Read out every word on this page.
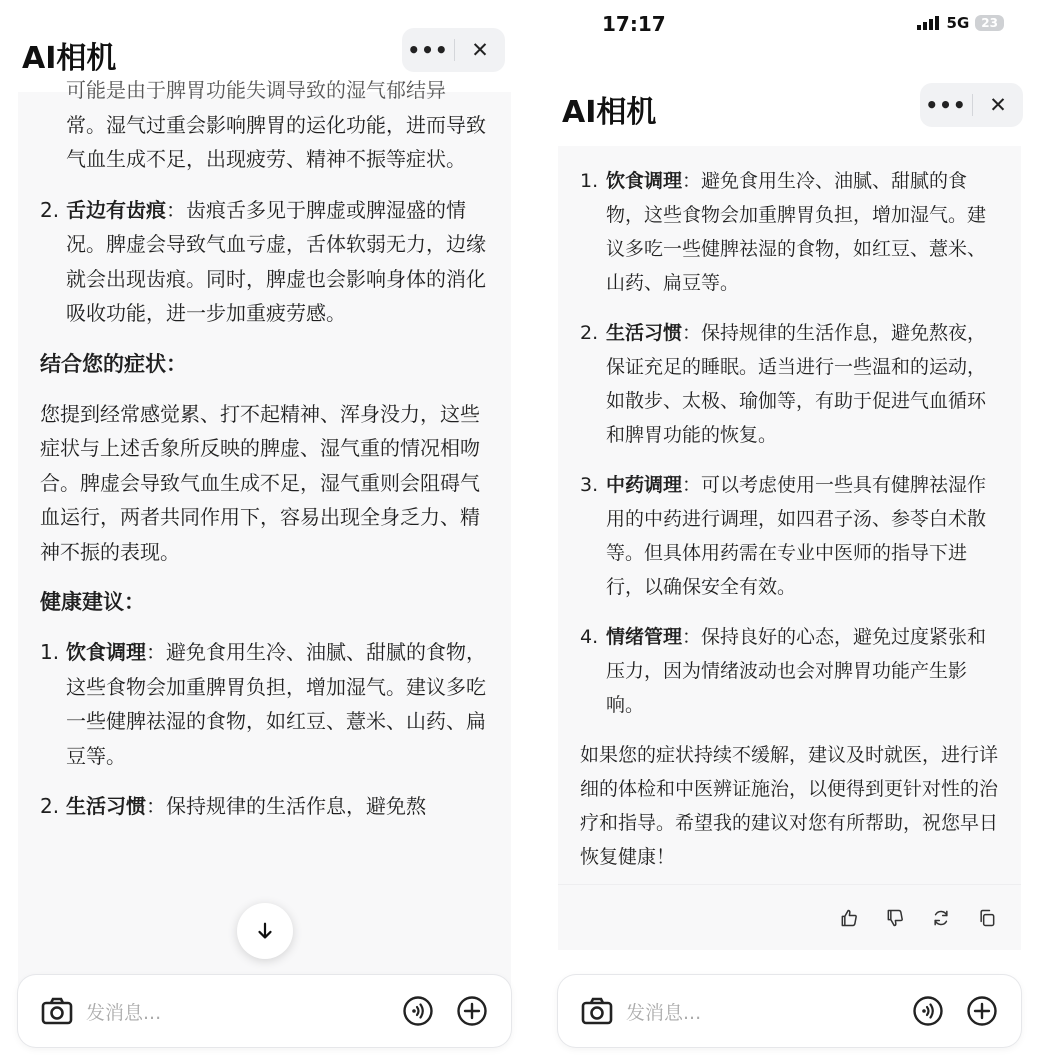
AI相机	•••	✕
可能是由于脾胃功能失调导致的湿气郁结异
常。湿气过重会影响脾胃的运化功能，进而导致气血生成不足，出现疲劳、精神不振等症状。
2. 舌边有齿痕：齿痕舌多见于脾虚或脾湿盛的情况。脾虚会导致气血亏虚，舌体软弱无力，边缘就会出现齿痕。同时，脾虚也会影响身体的消化吸收功能，进一步加重疲劳感。
结合您的症状：
您提到经常感觉累、打不起精神、浑身没力，这些症状与上述舌象所反映的脾虚、湿气重的情况相吻合。脾虚会导致气血生成不足，湿气重则会阻碍气血运行，两者共同作用下，容易出现全身乏力、精神不振的表现。
健康建议：
1. 饮食调理：避免食用生冷、油腻、甜腻的食物，这些食物会加重脾胃负担，增加湿气。建议多吃一些健脾祛湿的食物，如红豆、薏米、山药、扁豆等。
2. 生活习惯：保持规律的生活作息，避免熬
发消息...
17:17	5G	23
AI相机	•••	✕
1. 饮食调理：避免食用生冷、油腻、甜腻的食物，这些食物会加重脾胃负担，增加湿气。建议多吃一些健脾祛湿的食物，如红豆、薏米、山药、扁豆等。
2. 生活习惯：保持规律的生活作息，避免熬夜，保证充足的睡眠。适当进行一些温和的运动，如散步、太极、瑜伽等，有助于促进气血循环和脾胃功能的恢复。
3. 中药调理：可以考虑使用一些具有健脾祛湿作用的中药进行调理，如四君子汤、参苓白术散等。但具体用药需在专业中医师的指导下进行，以确保安全有效。
4. 情绪管理：保持良好的心态，避免过度紧张和压力，因为情绪波动也会对脾胃功能产生影响。
如果您的症状持续不缓解，建议及时就医，进行详细的体检和中医辨证施治，以便得到更针对性的治疗和指导。希望我的建议对您有所帮助，祝您早日恢复健康！
发消息...
